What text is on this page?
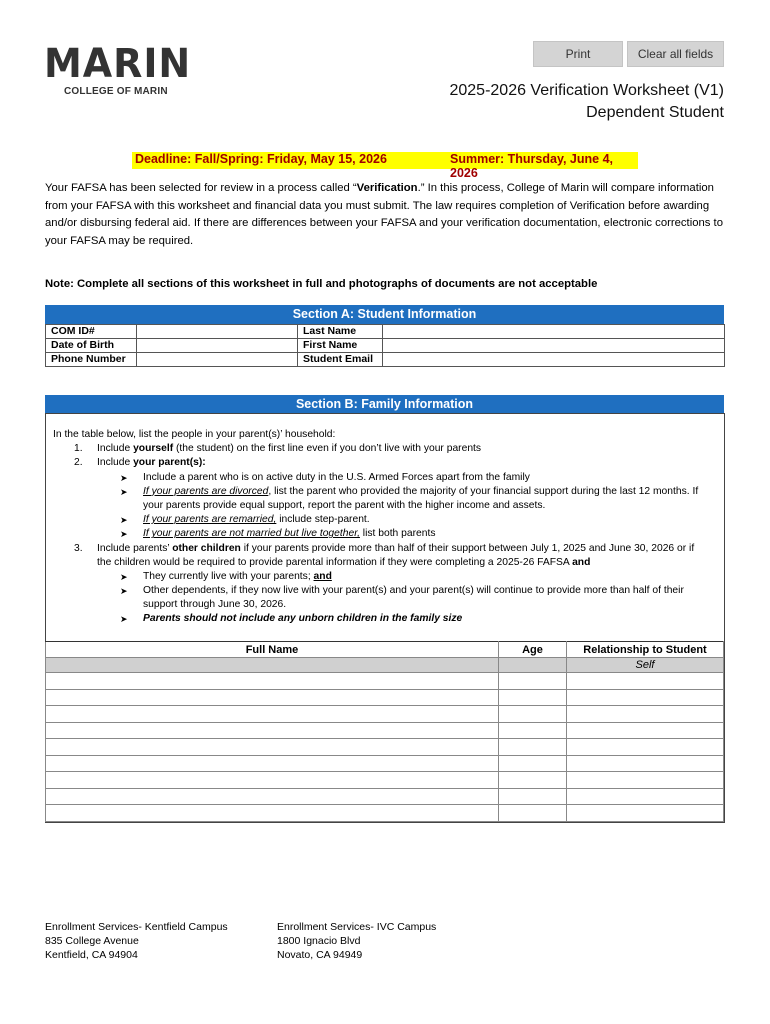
Print	Clear all fields
MARIN
COLLEGE OF MARIN	2025-2026 Verification Worksheet (V1)
Dependent Student
Deadline: Fall/Spring: Friday, May 15, 2026	Summer: Thursday, June 4, 2026
Your FAFSA has been selected for review in a process called “Verification.” In this process, College of Marin will compare information from your FAFSA with this worksheet and financial data you must submit. The law requires completion of Verification before awarding and/or disbursing federal aid. If there are differences between your FAFSA and your verification documentation, electronic corrections to your FAFSA may be required.
Note: Complete all sections of this worksheet in full and photographs of documents are not acceptable
Section A: Student Information
COM ID#		Last Name	
Date of Birth		First Name	
Phone Number		Student Email	
Section B: Family Information
In the table below, list the people in your parent(s)’ household:
1. Include yourself (the student) on the first line even if you don’t live with your parents
2. Include your parent(s):
➤ Include a parent who is on active duty in the U.S. Armed Forces apart from the family
➤ If your parents are divorced, list the parent who provided the majority of your financial support during the last 12 months. If
your parents provide equal support, report the parent with the higher income and assets.
➤ If your parents are remarried, include step-parent.
➤ If your parents are not married but live together, list both parents
3. Include parents’ other children if your parents provide more than half of their support between July 1, 2025 and June 30, 2026 or if
the children would be required to provide parental information if they were completing a 2025-26 FAFSA and
➤ They currently live with your parents; and
➤ Other dependents, if they now live with your parent(s) and your parent(s) will continue to provide more than half of their
support through June 30, 2026.
➤ Parents should not include any unborn children in the family size
Full Name	Age	Relationship to Student
		Self

Enrollment Services- Kentfield Campus
835 College Avenue
Kentfield, CA 94904
Enrollment Services- IVC Campus
1800 Ignacio Blvd
Novato, CA 94949
